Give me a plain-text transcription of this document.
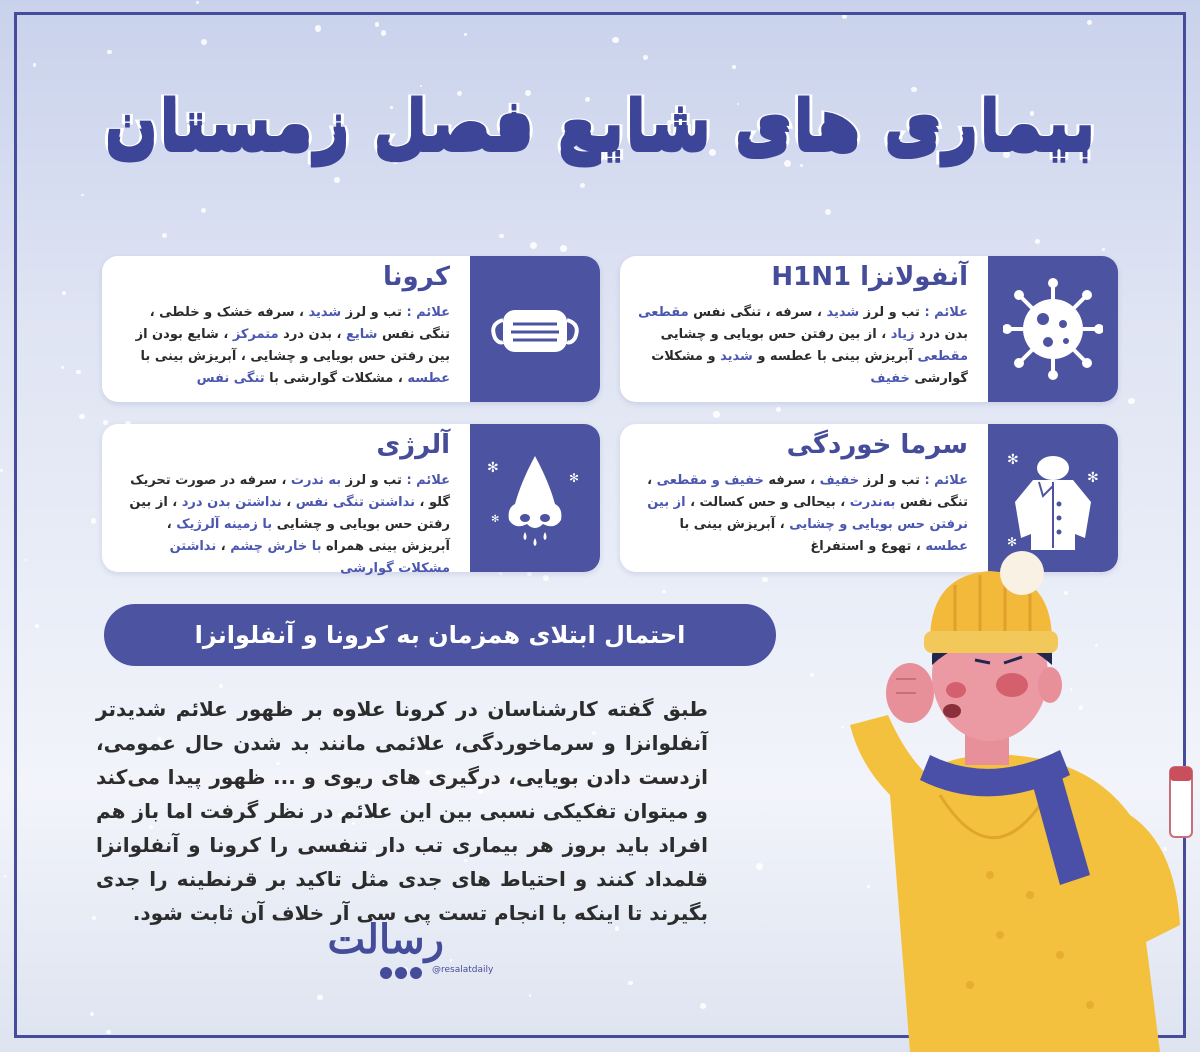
بیماری های شایع فصل زمستان
آنفولانزا H1N1

علائم : تب و لرز شدید ، سرفه ، تنگی نفس مقطعی بدن درد زیاد ، از بین رفتن حس بویایی و چشایی مقطعی آبریزش بینی با عطسه و شدید و مشکلات گوارشی خفیف

کرونا

علائم : تب و لرز شدید ، سرفه خشک و خلطی ، تنگی نفس شایع ، بدن درد متمرکز ، شایع بودن از بین رفتن حس بویایی و چشایی ، آبریزش بینی با عطسه ، مشکلات گوارشی با تنگی نفس

✻
✻
✻
سرما خوردگی

علائم : تب و لرز خفیف ، سرفه خفیف و مقطعی ، تنگی نفس به‌ندرت ، بیحالی و حس کسالت ، از بین نرفتن حس بویایی و چشایی ، آبریزش بینی با عطسه ، تهوع و استفراغ

✻
✻
✻
آلرژی

علائم : تب و لرز به ندرت ، سرفه در صورت تحریک گلو ، نداشتن تنگی نفس ، نداشتن بدن درد ، از بین رفتن حس بویایی و چشایی با زمینه آلرژیک ، آبریزش بینی همراه با خارش چشم ، نداشتن مشکلات گوارشی

احتمال ابتلای همزمان به کرونا و آنفلوانزا

طبق گفته کارشناسان در کرونا علاوه بر ظهور علائم شدیدتر آنفلوانزا و سرماخوردگی، علائمی مانند بد شدن حال عمومی، ازدست دادن بویایی، درگیری های ریوی و ... ظهور پیدا می‌کند و میتوان تفکیکی نسبی بین این علائم در نظر گرفت اما باز هم افراد باید بروز هر بیماری تب دار تنفسی را کرونا و آنفلوانزا قلمداد کنند و احتیاط های جدی مثل تاکید بر قرنطینه را جدی بگیرند تا اینکه با انجام تست پی سی آر خلاف آن ثابت شود.

رسالت
@resalatdaily
